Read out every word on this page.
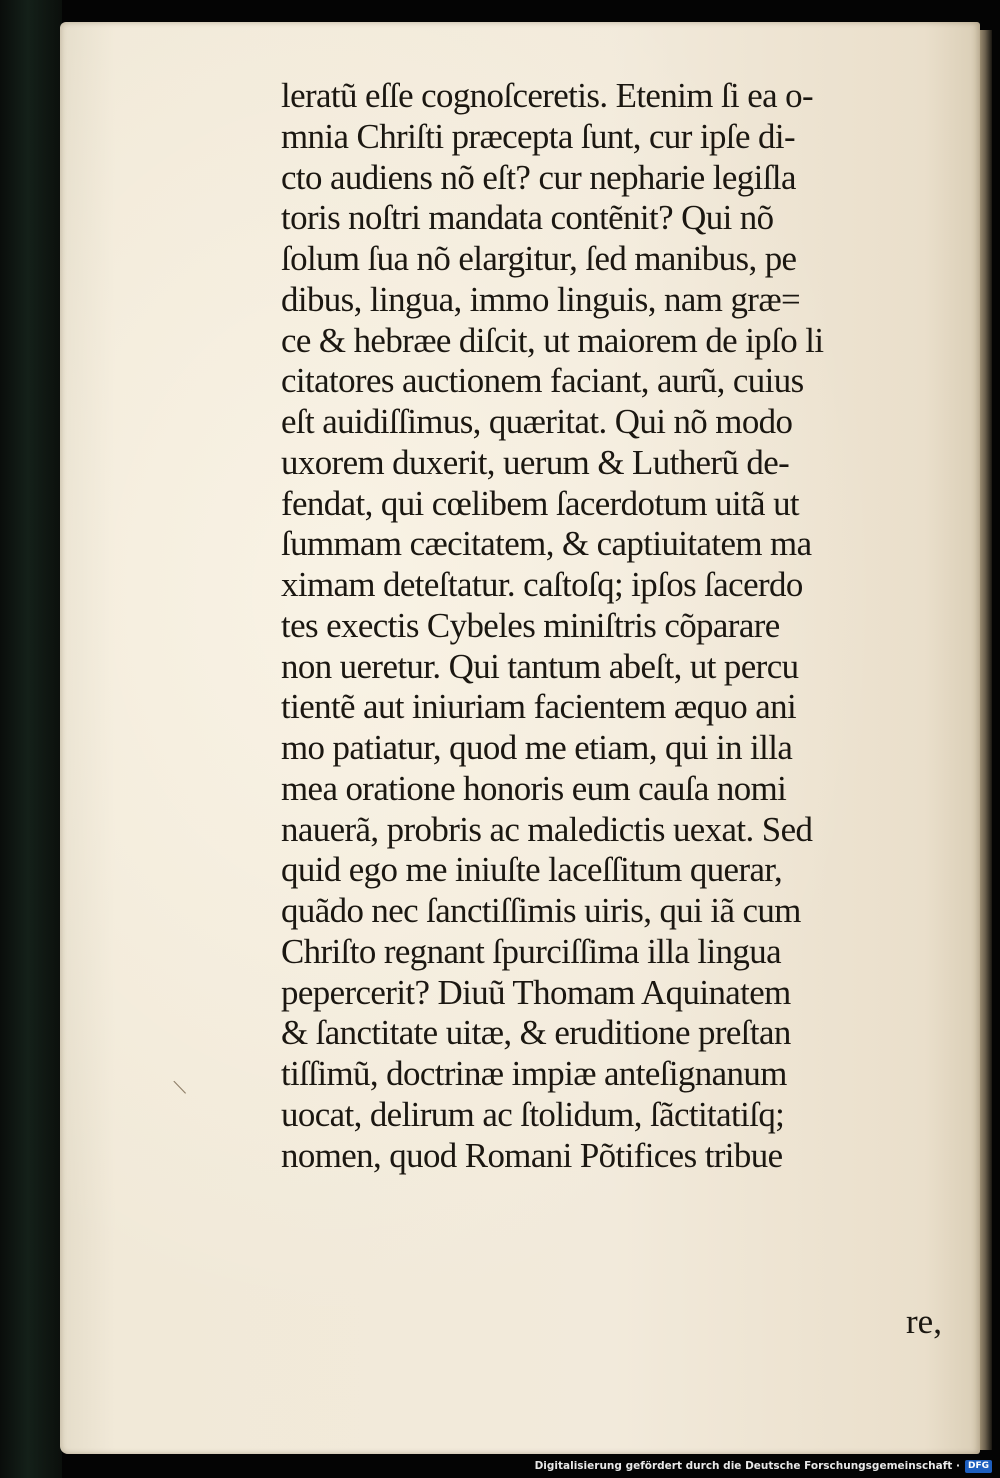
leratũ eſſe cognoſceretis. Etenim ſi ea o-
mnia Chriſti præcepta ſunt, cur ipſe di-
cto audiens nõ eſt? cur nepharie legiſla
toris noſtri mandata contẽnit? Qui nõ
ſolum ſua nõ elargitur, ſed manibus, pe
dibus, lingua, immo linguis, nam græ=
ce & hebræe diſcit, ut maiorem de ipſo li
citatores auctionem faciant, aurũ, cuius
eſt auidiſſimus, quæritat. Qui nõ modo
uxorem duxerit, uerum & Lutherũ de-
fendat, qui cœlibem ſacerdotum uitã ut
ſummam cæcitatem, & captiuitatem ma
ximam deteſtatur. caſtoſq; ipſos ſacerdo
tes exectis Cybeles miniſtris cõparare
non ueretur. Qui tantum abeſt, ut percu
tientẽ aut iniuriam facientem æquo ani
mo patiatur, quod me etiam, qui in illa
mea oratione honoris eum cauſa nomi
nauerã, probris ac maledictis uexat. Sed
quid ego me iniuſte laceſſitum querar,
quãdo nec ſanctiſſimis uiris, qui iã cum
Chriſto regnant ſpurciſſima illa lingua
pepercerit? Diuũ Thomam Aquinatem
& ſanctitate uitæ, & eruditione preſtan
tiſſimũ, doctrinæ impiæ anteſignanum
uocat, delirum ac ſtolidum, ſãctitatiſq;
nomen, quod Romani Põtifices tribue
re,
\
Digitalisierung gefördert durch die Deutsche Forschungsgemeinschaft · DFG
